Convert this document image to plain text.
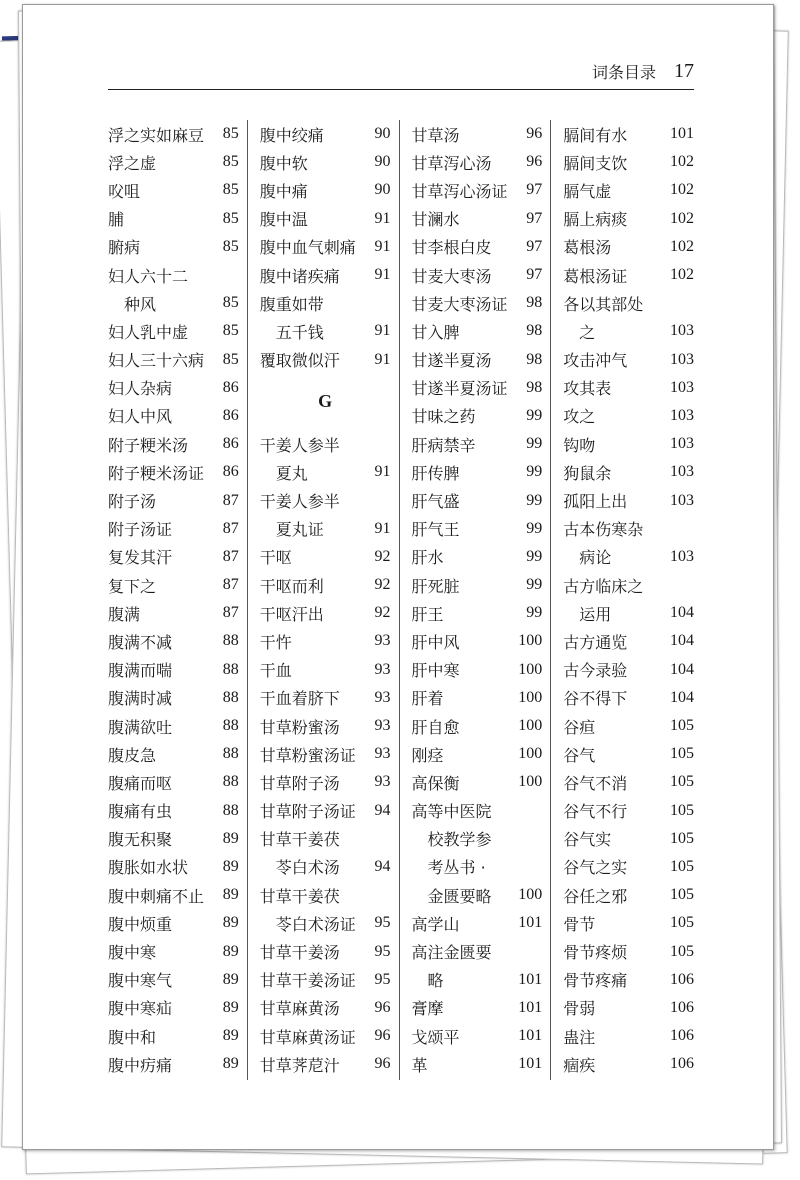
词条目录 17
浮之实如麻豆 85
浮之虚	85
㕮咀	85
脯	85
腑病	85
妇人六十二
种风	85
妇人乳中虚 85
妇人三十六病 85
妇人杂病	86
妇人中风	86
附子粳米汤 86
附子粳米汤证 86
附子汤	87
附子汤证	87
复发其汗	87
复下之	87
腹满	87
腹满不减	88
腹满而喘	88
腹满时减	88
腹满欲吐	88
腹皮急	88
腹痛而呕	88
腹痛有虫	88
腹无积聚	89
腹胀如水状 89
腹中刺痛不止 89
腹中烦重	89
腹中寒	89
腹中寒气	89
腹中寒疝	89
腹中和	89
腹中疠痛	89
腹中绞痛	90
腹中软	90
腹中痛	90
腹中温	91
腹中血气刺痛 91
腹中诸疾痛 91
腹重如带
五千钱	91
覆取微似汗 91
G
干姜人参半
夏丸	91
干姜人参半
夏丸证	91
干呕	92
干呕而利	92
干呕汗出	92
干忤	93
干血	93
干血着脐下 93
甘草粉蜜汤 93
甘草粉蜜汤证 93
甘草附子汤 93
甘草附子汤证 94
甘草干姜茯
苓白术汤 94
甘草干姜茯
苓白术汤证 95
甘草干姜汤 95
甘草干姜汤证 95
甘草麻黄汤 96
甘草麻黄汤证 96
甘草荠苨汁 96
甘草汤	96
甘草泻心汤 96
甘草泻心汤证 97
甘澜水	97
甘李根白皮 97
甘麦大枣汤 97
甘麦大枣汤证 98
甘入脾	98
甘遂半夏汤 98
甘遂半夏汤证 98
甘味之药	99
肝病禁辛	99
肝传脾	99
肝气盛	99
肝气王	99
肝水	99
肝死脏	99
肝王	99
肝中风	100
肝中寒	100
肝着	100
肝自愈	100
刚痉	100
高保衡	100
高等中医院
校教学参
考丛书 ·
金匮要略 100
高学山	101
高注金匮要
略	101
膏摩	101
戈颂平	101
革	101
膈间有水	101
膈间支饮	102
膈气虚	102
膈上病痰	102
葛根汤	102
葛根汤证	102
各以其部处
之	103
攻击冲气	103
攻其表	103
攻之	103
钩吻	103
狗鼠余	103
孤阳上出	103
古本伤寒杂
病论	103
古方临床之
运用	104
古方通览	104
古今录验	104
谷不得下	104
谷疸	105
谷气	105
谷气不消	105
谷气不行	105
谷气实	105
谷气之实	105
谷任之邪	105
骨节	105
骨节疼烦	105
骨节疼痛	106
骨弱	106
蛊注	106
痼疾	106
